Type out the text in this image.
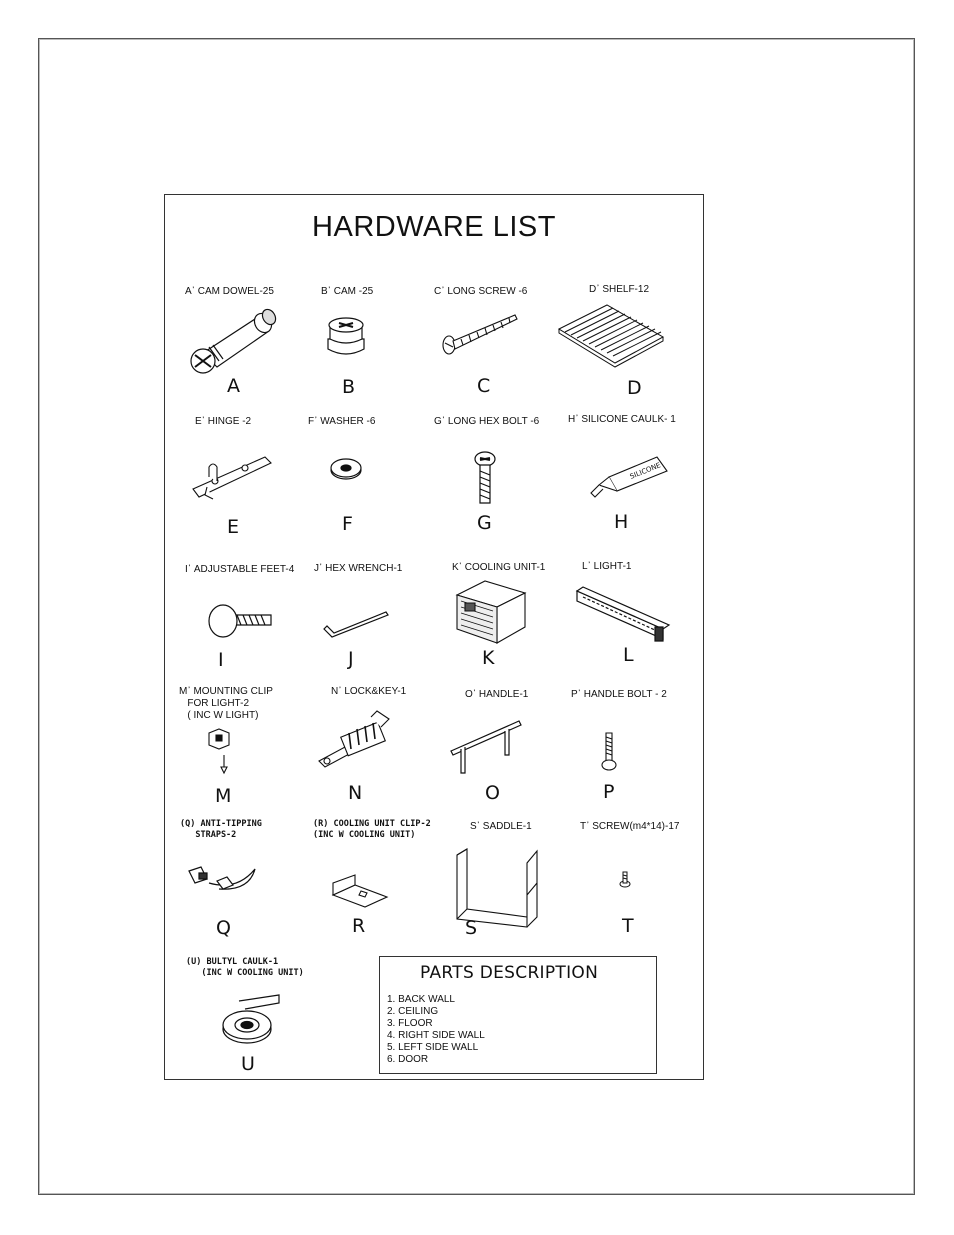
HARDWARE LIST
A᾿ CAM DOWEL-25
A
B᾿ CAM -25
B
C᾿ LONG SCREW -6
C
D᾿ SHELF-12
D
E᾿ HINGE -2
E
F᾿ WASHER -6
F
G᾿ LONG HEX BOLT -6
G
H᾿ SILICONE CAULK- 1
SILICONE
H
I᾿ ADJUSTABLE FEET-4
I
J᾿ HEX WRENCH-1
J
K᾿ COOLING UNIT-1
K
L᾿ LIGHT-1
L
M᾿ MOUNTING CLIP
FOR LIGHT-2
( INC W LIGHT)
M
N᾿ LOCK&KEY-1
N
O᾿ HANDLE-1
O
P᾿ HANDLE BOLT - 2
P
(Q) ANTI-TIPPING
STRAPS-2
Q
(R) COOLING UNIT CLIP-2
(INC W COOLING UNIT)
R
S᾿ SADDLE-1
S
T᾿ SCREW(m4*14)-17
T
(U) BULTYL CAULK-1
(INC W COOLING UNIT)
U
PARTS DESCRIPTION
1. BACK WALL
2. CEILING
3. FLOOR
4. RIGHT SIDE WALL
5. LEFT SIDE WALL
6. DOOR
